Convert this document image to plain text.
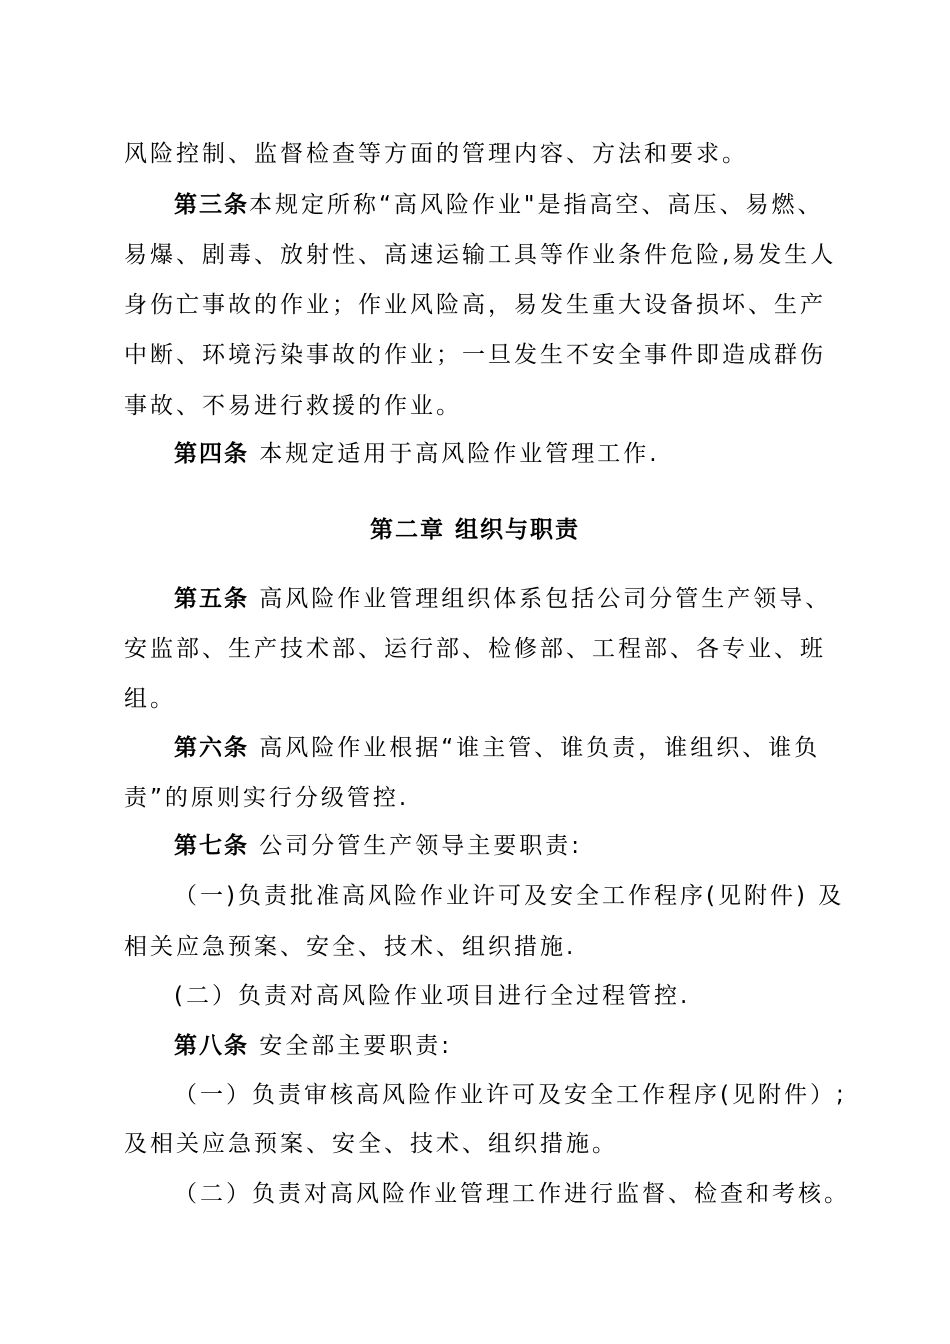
风险控制、监督检查等方面的管理内容、方法和要求。
第三条本规定所称“高风险作业"是指高空、高压、易燃、
易爆、剧毒、放射性、高速运输工具等作业条件危险,易发生人
身伤亡事故的作业；作业风险高，易发生重大设备损坏、生产
中断、环境污染事故的作业；一旦发生不安全事件即造成群伤
事故、不易进行救援的作业。
第四条 本规定适用于高风险作业管理工作.
第二章 组织与职责
第五条 高风险作业管理组织体系包括公司分管生产领导、
安监部、生产技术部、运行部、检修部、工程部、各专业、班
组。
第六条 高风险作业根据“谁主管、谁负责，谁组织、谁负
责”的原则实行分级管控.
第七条 公司分管生产领导主要职责:
（一)负责批准高风险作业许可及安全工作程序(见附件) 及
相关应急预案、安全、技术、组织措施.
(二）负责对高风险作业项目进行全过程管控.
第八条 安全部主要职责:
（一）负责审核高风险作业许可及安全工作程序(见附件）;
及相关应急预案、安全、技术、组织措施。
（二）负责对高风险作业管理工作进行监督、检查和考核。
